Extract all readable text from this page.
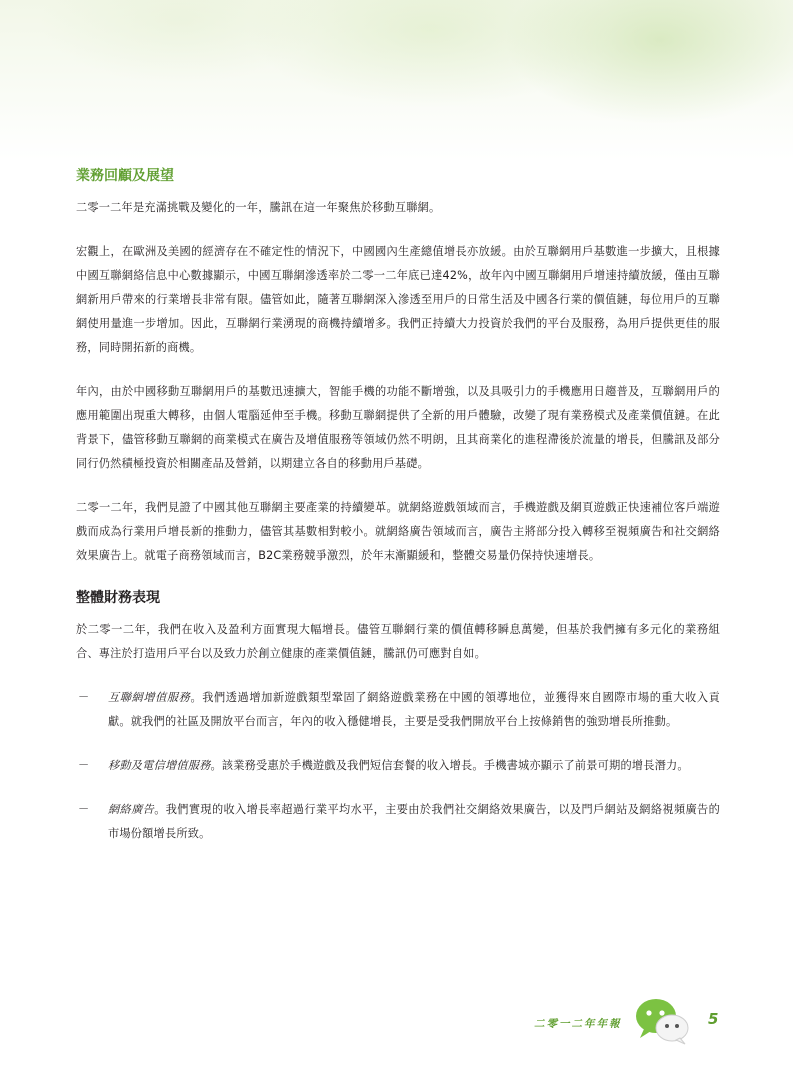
業務回顧及展望

二零一二年是充滿挑戰及變化的一年，騰訊在這一年聚焦於移動互聯網。

宏觀上，在歐洲及美國的經濟存在不確定性的情況下，中國國內生產總值增長亦放緩。由於互聯網用戶基數進一步擴大，且根據中國互聯網絡信息中心數據顯示，中國互聯網滲透率於二零一二年底已達42%，故年內中國互聯網用戶增速持續放緩，僅由互聯網新用戶帶來的行業增長非常有限。儘管如此，隨著互聯網深入滲透至用戶的日常生活及中國各行業的價值鏈，每位用戶的互聯網使用量進一步增加。因此，互聯網行業湧現的商機持續增多。我們正持續大力投資於我們的平台及服務，為用戶提供更佳的服務，同時開拓新的商機。

年內，由於中國移動互聯網用戶的基數迅速擴大，智能手機的功能不斷增強，以及具吸引力的手機應用日趨普及，互聯網用戶的應用範圍出現重大轉移，由個人電腦延伸至手機。移動互聯網提供了全新的用戶體驗，改變了現有業務模式及產業價值鏈。在此背景下，儘管移動互聯網的商業模式在廣告及增值服務等領域仍然不明朗，且其商業化的進程滯後於流量的增長，但騰訊及部分同行仍然積極投資於相關產品及營銷，以期建立各自的移動用戶基礎。

二零一二年，我們見證了中國其他互聯網主要產業的持續變革。就網絡遊戲領域而言，手機遊戲及網頁遊戲正快速補位客戶端遊戲而成為行業用戶增長新的推動力，儘管其基數相對較小。就網絡廣告領域而言，廣告主將部分投入轉移至視頻廣告和社交網絡效果廣告上。就電子商務領域而言，B2C業務競爭激烈，於年末漸顯緩和，整體交易量仍保持快速增長。

整體財務表現

於二零一二年，我們在收入及盈利方面實現大幅增長。儘管互聯網行業的價值轉移瞬息萬變，但基於我們擁有多元化的業務組合、專注於打造用戶平台以及致力於創立健康的產業價值鏈，騰訊仍可應對自如。

－	互聯網增值服務。我們透過增加新遊戲類型鞏固了網絡遊戲業務在中國的領導地位，並獲得來自國際市場的重大收入貢獻。就我們的社區及開放平台而言，年內的收入穩健增長，主要是受我們開放平台上按條銷售的強勁增長所推動。
－	移動及電信增值服務。該業務受惠於手機遊戲及我們短信套餐的收入增長。手機書城亦顯示了前景可期的增長潛力。
－	網絡廣告。我們實現的收入增長率超過行業平均水平，主要由於我們社交網絡效果廣告，以及門戶網站及網絡視頻廣告的市場份額增長所致。
二零一二年年報	5
